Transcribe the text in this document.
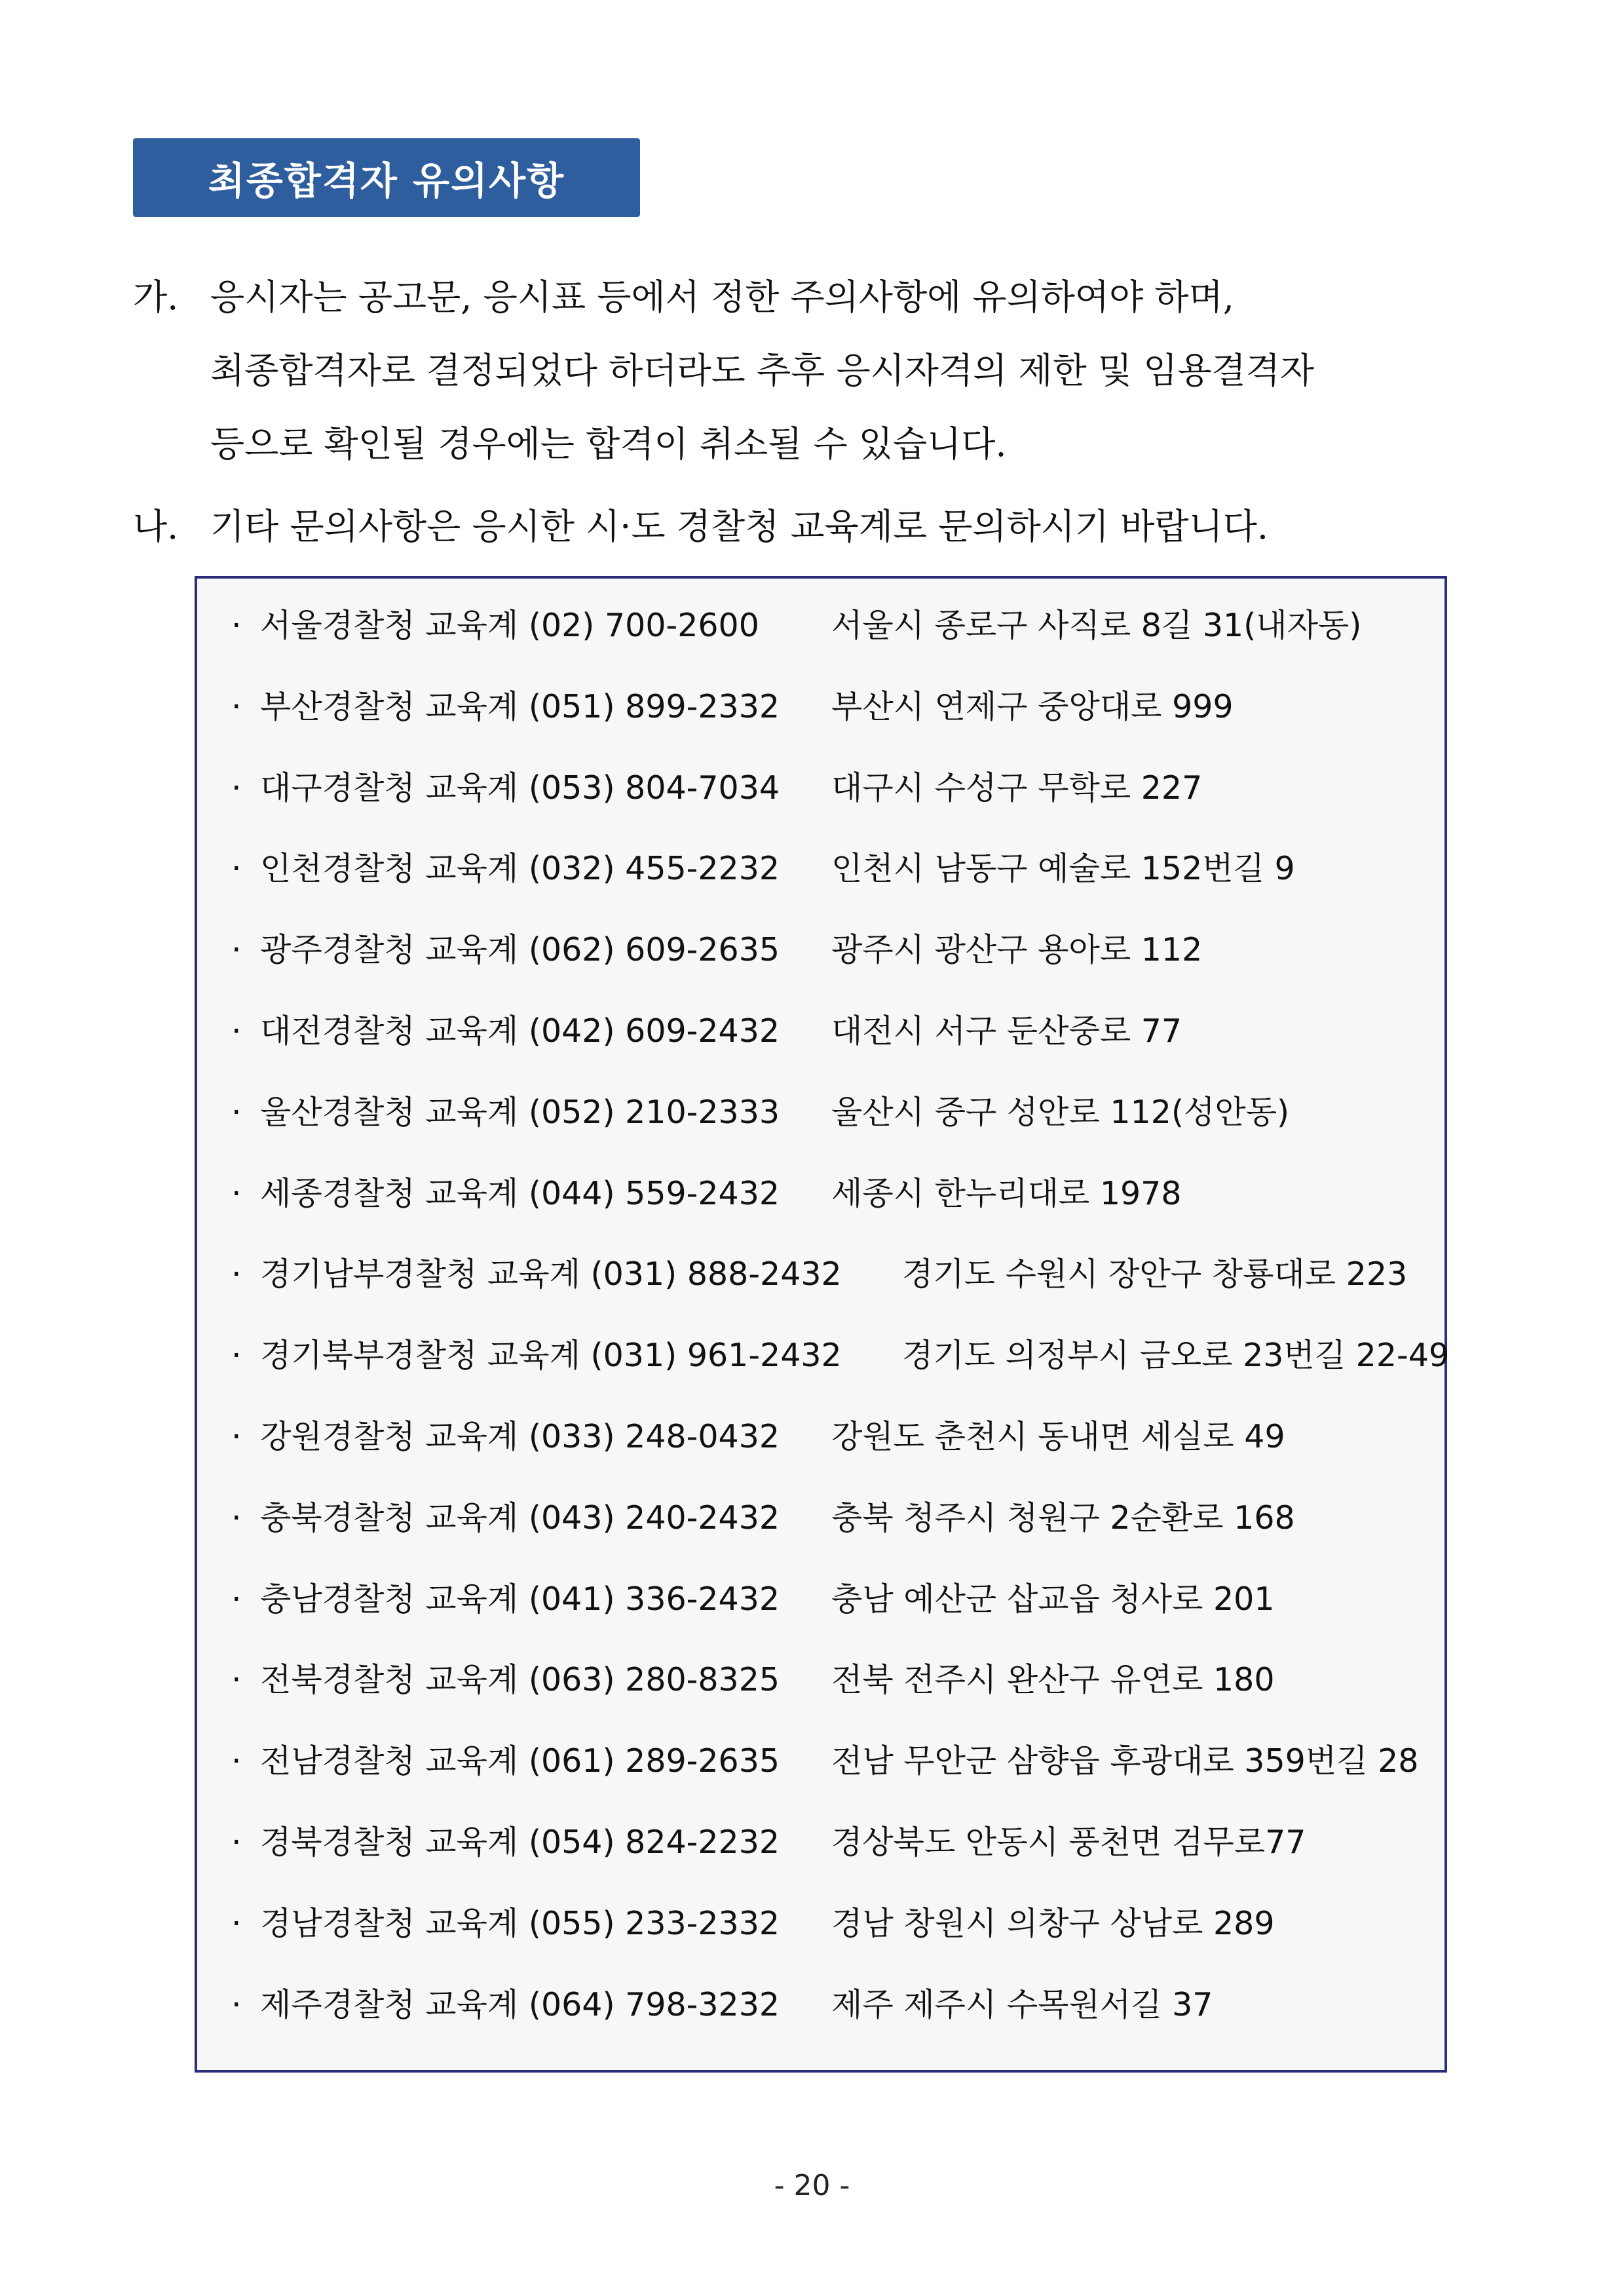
최종합격자 유의사항
가. 응시자는 공고문, 응시표 등에서 정한 주의사항에 유의하여야 하며,
최종합격자로 결정되었다 하더라도 추후 응시자격의 제한 및 임용결격자
등으로 확인될 경우에는 합격이 취소될 수 있습니다.
나. 기타 문의사항은 응시한 시·도 경찰청 교육계로 문의하시기 바랍니다.
· 서울경찰청 교육계 (02) 700-2600	서울시 종로구 사직로 8길 31(내자동)
· 부산경찰청 교육계 (051) 899-2332	부산시 연제구 중앙대로 999
· 대구경찰청 교육계 (053) 804-7034	대구시 수성구 무학로 227
· 인천경찰청 교육계 (032) 455-2232	인천시 남동구 예술로 152번길 9
· 광주경찰청 교육계 (062) 609-2635	광주시 광산구 용아로 112
· 대전경찰청 교육계 (042) 609-2432	대전시 서구 둔산중로 77
· 울산경찰청 교육계 (052) 210-2333	울산시 중구 성안로 112(성안동)
· 세종경찰청 교육계 (044) 559-2432	세종시 한누리대로 1978
· 경기남부경찰청 교육계 (031) 888-2432	경기도 수원시 장안구 창룡대로 223
· 경기북부경찰청 교육계 (031) 961-2432	경기도 의정부시 금오로 23번길 22-49
· 강원경찰청 교육계 (033) 248-0432	강원도 춘천시 동내면 세실로 49
· 충북경찰청 교육계 (043) 240-2432	충북 청주시 청원구 2순환로 168
· 충남경찰청 교육계 (041) 336-2432	충남 예산군 삽교읍 청사로 201
· 전북경찰청 교육계 (063) 280-8325	전북 전주시 완산구 유연로 180
· 전남경찰청 교육계 (061) 289-2635	전남 무안군 삼향읍 후광대로 359번길 28
· 경북경찰청 교육계 (054) 824-2232	경상북도 안동시 풍천면 검무로77
· 경남경찰청 교육계 (055) 233-2332	경남 창원시 의창구 상남로 289
· 제주경찰청 교육계 (064) 798-3232	제주 제주시 수목원서길 37
- 20 -
